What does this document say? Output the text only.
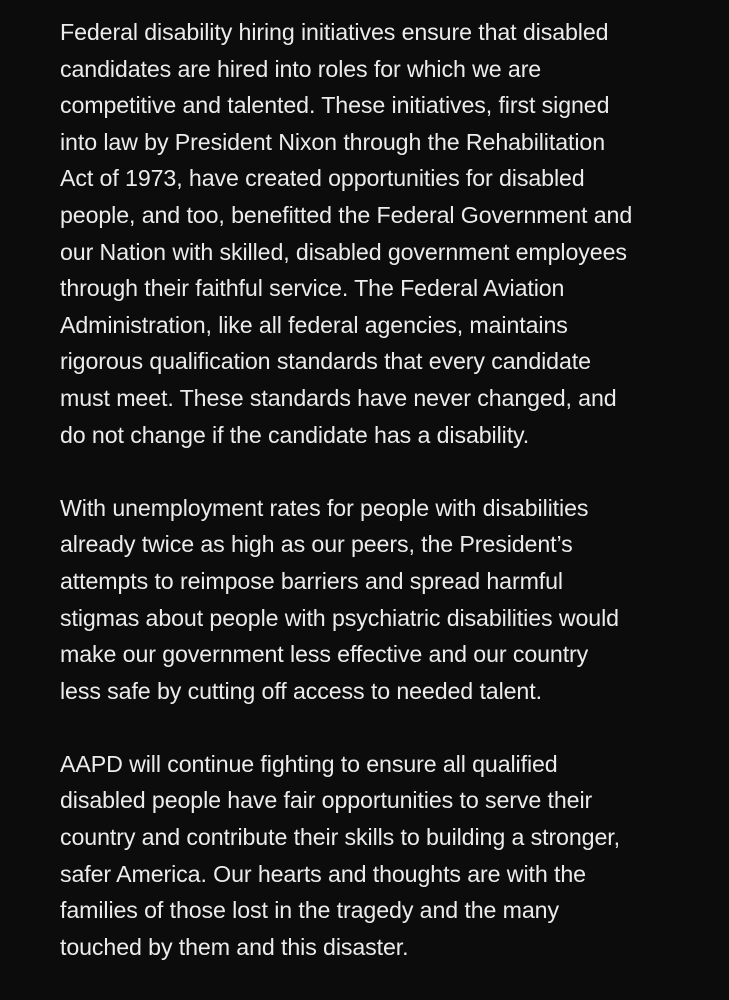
Federal disability hiring initiatives ensure that disabled
candidates are hired into roles for which we are
competitive and talented. These initiatives, first signed
into law by President Nixon through the Rehabilitation
Act of 1973, have created opportunities for disabled
people, and too, benefitted the Federal Government and
our Nation with skilled, disabled government employees
through their faithful service. The Federal Aviation
Administration, like all federal agencies, maintains
rigorous qualification standards that every candidate
must meet. These standards have never changed, and
do not change if the candidate has a disability.

With unemployment rates for people with disabilities
already twice as high as our peers, the President’s
attempts to reimpose barriers and spread harmful
stigmas about people with psychiatric disabilities would
make our government less effective and our country
less safe by cutting off access to needed talent.

AAPD will continue fighting to ensure all qualified
disabled people have fair opportunities to serve their
country and contribute their skills to building a stronger,
safer America. Our hearts and thoughts are with the
families of those lost in the tragedy and the many
touched by them and this disaster.
